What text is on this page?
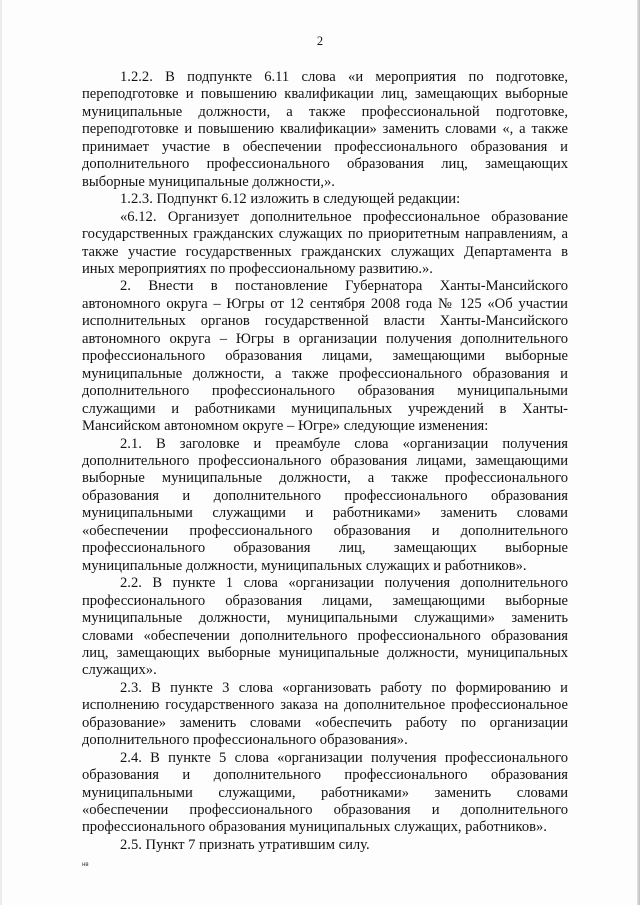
2

1.2.2. В подпункте 6.11 слова «и мероприятия по подготовке, переподготовке и повышению квалификации лиц, замещающих выборные муниципальные должности, а также профессиональной подготовке, переподготовке и повышению квалификации» заменить словами «, а также принимает участие в обеспечении профессионального образования и дополнительного профессионального образования лиц, замещающих выборные муниципальные должности,».

1.2.3. Подпункт 6.12 изложить в следующей редакции:

«6.12. Организует дополнительное профессиональное образование государственных гражданских служащих по приоритетным направлениям, а также участие государственных гражданских служащих Департамента в иных мероприятиях по профессиональному развитию.».

2. Внести в постановление Губернатора Ханты-Мансийского автономного округа – Югры от 12 сентября 2008 года № 125 «Об участии исполнительных органов государственной власти Ханты-Мансийского автономного округа – Югры в организации получения дополнительного профессионального образования лицами, замещающими выборные муниципальные должности, а также профессионального образования и дополнительного профессионального образования муниципальными служащими и работниками муниципальных учреждений в Ханты-Мансийском автономном округе – Югре» следующие изменения:

2.1. В заголовке и преамбуле слова «организации получения дополнительного профессионального образования лицами, замещающими выборные муниципальные должности, а также профессионального образования и дополнительного профессионального образования муниципальными служащими и работниками» заменить словами «обеспечении профессионального образования и дополнительного профессионального образования лиц, замещающих выборные муниципальные должности, муниципальных служащих и работников».

2.2. В пункте 1 слова «организации получения дополнительного профессионального образования лицами, замещающими выборные муниципальные должности, муниципальными служащими» заменить словами «обеспечении дополнительного профессионального образования лиц, замещающих выборные муниципальные должности, муниципальных служащих».

2.3. В пункте 3 слова «организовать работу по формированию и исполнению государственного заказа на дополнительное профессиональное образование» заменить словами «обеспечить работу по организации дополнительного профессионального образования».

2.4. В пункте 5 слова «организации получения профессионального образования и дополнительного профессионального образования муниципальными служащими, работниками» заменить словами «обеспечении профессионального образования и дополнительного профессионального образования муниципальных служащих, работников».

2.5. Пункт 7 признать утратившим силу.

нв
